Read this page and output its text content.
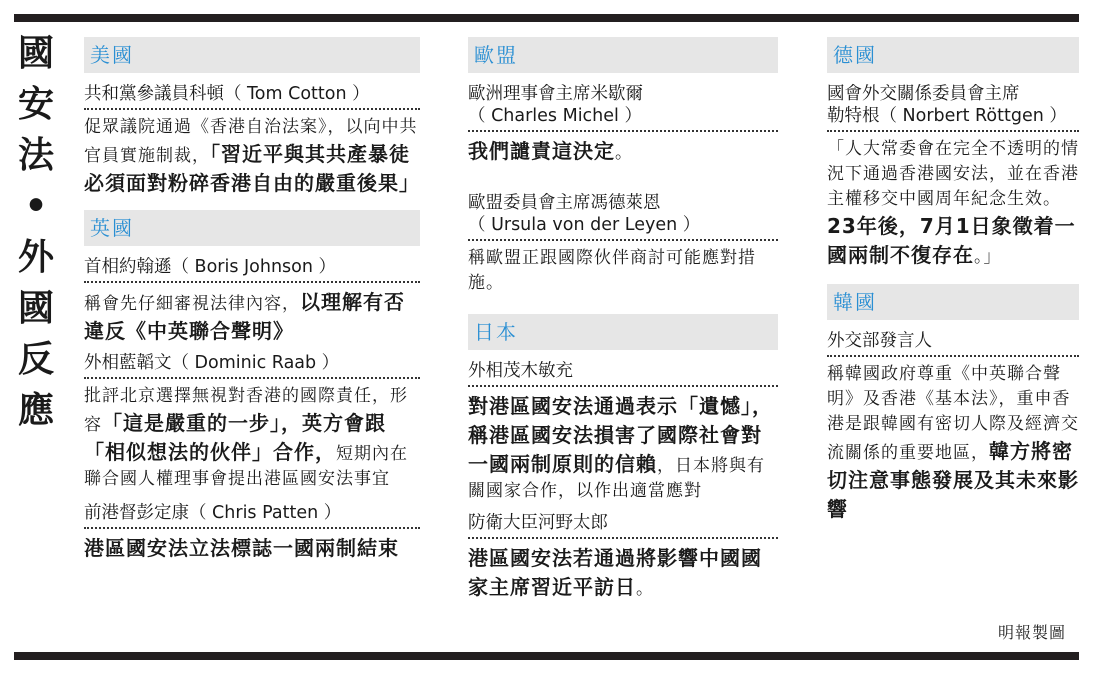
國
安
法
•
外
國
反
應
美國
共和黨參議員科頓（ Tom Cotton ）
促眾議院通過《香港自治法案》，以向中共官員實施制裁，「習近平與其共產暴徒必須面對粉碎香港自由的嚴重後果」
英國
首相約翰遜（ Boris Johnson ）
稱會先仔細審視法律內容，以理解有否違反《中英聯合聲明》
外相藍韜文（ Dominic Raab ）
批評北京選擇無視對香港的國際責任，形容「這是嚴重的一步」，英方會跟「相似想法的伙伴」合作，短期內在聯合國人權理事會提出港區國安法事宜
前港督彭定康（ Chris Patten ）
港區國安法立法標誌一國兩制結束
歐盟
歐洲理事會主席米歇爾
（ Charles Michel ）
我們譴責這決定。
歐盟委員會主席馮德萊恩
（ Ursula von der Leyen ）
稱歐盟正跟國際伙伴商討可能應對措施。
日本
外相茂木敏充
對港區國安法通過表示「遺憾」，稱港區國安法損害了國際社會對一國兩制原則的信賴，日本將與有關國家合作，以作出適當應對
防衛大臣河野太郎
港區國安法若通過將影響中國國家主席習近平訪日。
德國
國會外交關係委員會主席
勒特根（ Norbert Röttgen ）
「人大常委會在完全不透明的情況下通過香港國安法，並在香港主權移交中國周年紀念生效。23年後，7月1日象徵着一國兩制不復存在。」
韓國
外交部發言人
稱韓國政府尊重《中英聯合聲明》及香港《基本法》，重申香港是跟韓國有密切人際及經濟交流關係的重要地區，韓方將密切注意事態發展及其未來影響
明報製圖
